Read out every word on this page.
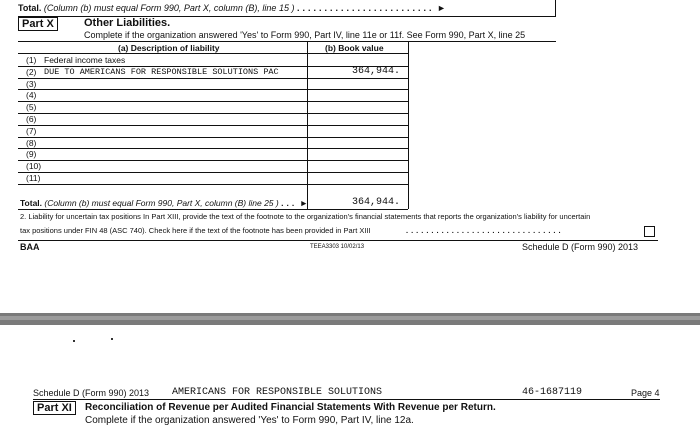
Total. (Column (b) must equal Form 990, Part X, column (B), line 15 ) ......................... ►
Part X	Other Liabilities.
Complete if the organization answered 'Yes' to Form 990, Part IV, line 11e or 11f. See Form 990, Part X, line 25
(a) Description of liability	(b) Book value
(1) Federal income taxes
(2) DUE TO AMERICANS FOR RESPONSIBLE SOLUTIONS PAC	364,944.
(3)
(4)
(5)
(6)
(7)
(8)
(9)
(10)
(11)
Total. (Column (b) must equal Form 990, Part X, column (B) line 25 ) ... ►	364,944.
2. Liability for uncertain tax positions In Part XIII, provide the text of the footnote to the organization's financial statements that reports the organization's liability for uncertain
tax positions under FIN 48 (ASC 740). Check here if the text of the footnote has been provided in Part XIII	...............................
BAA	TEEA3303 10/02/13	Schedule D (Form 990) 2013
Schedule D (Form 990) 2013 AMERICANS FOR RESPONSIBLE SOLUTIONS	46-1687119	Page 4
Part XI	Reconciliation of Revenue per Audited Financial Statements With Revenue per Return.
Complete if the organization answered 'Yes' to Form 990, Part IV, line 12a.
